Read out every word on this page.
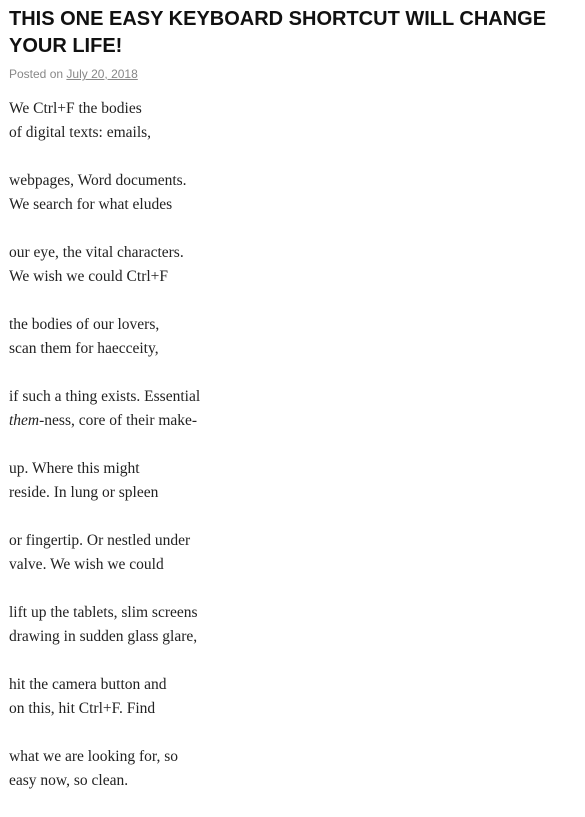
THIS ONE EASY KEYBOARD SHORTCUT WILL CHANGE YOUR LIFE!
Posted on July 20, 2018

We Ctrl+F the bodies
of digital texts: emails,

webpages, Word documents.
We search for what eludes

our eye, the vital characters.
We wish we could Ctrl+F

the bodies of our lovers,
scan them for haecceity,

if such a thing exists. Essential
them-ness, core of their make-

up. Where this might
reside. In lung or spleen

or fingertip. Or nestled under
valve. We wish we could

lift up the tablets, slim screens
drawing in sudden glass glare,

hit the camera button and
on this, hit Ctrl+F. Find

what we are looking for, so
easy now, so clean.
